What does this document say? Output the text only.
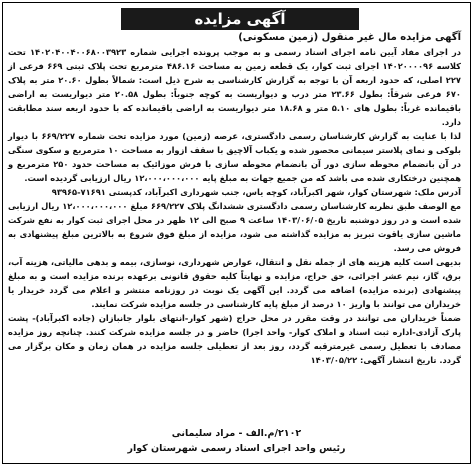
آگهی مزایده

آگهی مزایده مال غیر منقول (زمین مسکونی)

در اجرای مفاد آیین نامه اجرای اسناد رسمی و به موجب پرونده اجرایی شماره ۱۴۰۲۰۴۰۰۴۰۰۶۸۰۰۳۹۲۳ تحت کلاسه ۱۴۰۲۰۰۰۰۹۶ اجرای ثبت کوار، یک قطعه زمین به مساحت ۴۸۶.۱۶ مترمربع تحت پلاک ثبتی ۶۶۹ فرعی از ۲۲۷ اصلی، که حدود اربعه آن با توجه به گزارش کارشناسی به شرح ذیل است: شمالاً بطول ۲۰.۶۰ متر به پلاک ۶۷۰ فرعی شرقاً: بطول ۲۳.۶۶ متر درب و دیواریست به کوچه جنوباً: بطول ۲۰.۵۸ متر دیواریست به اراضی باقیمانده غرباً: بطول های ۵.۱۰ متر و ۱۸.۶۸ متر دیواریست به اراضی باقیمانده که با حدود اربعه سند مطابقت دارد.

لذا با عنایت به گزارش کارشناسان رسمی دادگستری، عرصه (زمین) مورد مزایده تحت شماره ۶۶۹/۲۲۷ با دیوار بلوکی و نمای پلاستر سیمانی محصور شده و یکباب آلاچیق با سقف ازوار به مساحت ۱۰ مترمربع و سکوی سنگی در آن بانضمام محوطه سازی دور آن بانضمام محوطه سازی با فرش موزائیک به مساحت حدود ۲۵۰ مترمربع و همچنین درختکاری شده می باشد که من جمیع جهات به مبلغ پایه ۱۲،۰۰۰،۰۰۰،۰۰۰ ریال ارزیابی گردیده است.

آدرس ملک: شهرستان کوار، شهر اکبرآباد، کوچه یاس، جنب شهرداری اکبرآباد، کدپستی ۷۱۶۹۱-۹۳۹۶۵

مع الوصف طبق نظریه کارشناسان رسمی دادگستری ششدانگ پلاک ۶۶۹/۲۲۷ مبلغ ۱۲،۰۰۰،۰۰۰،۰۰۰ ریال ارزیابی شده است و در روز دوشنبه تاریخ ۱۴۰۳/۰۶/۰۵ ساعت ۹ صبح الی ۱۲ ظهر در محل اجرای ثبت کوار به نفع شرکت ماشین سازی یاقوت تبریز به مزایده گذاشته می شود، مزایده از مبلغ فوق شروع به بالاترین مبلغ پیشنهادی به فروش می رسد.

بدیهی است کلیه هزینه های از جمله نقل و انتقال، عوارض شهرداری، نوسازی، بیمه و بدهی مالیاتی، هزینه آب، برق، گاز، نیم عشر اجرائی، حق حراج، مزایده و نهایتاً کلیه حقوق قانونی برعهده برنده مزایده است و به مبلغ پیشنهادی (برنده مزایده) اضافه می گردد. این آگهی یک نوبت در روزنامه منتشر و اعلام می گردد خریدار یا خریداران می توانند با واریز ۱۰ درصد از مبلغ پایه کارشناسی در جلسه مزایده شرکت نمایند.

ضمناً خریداران می توانند در وقت مقرر در محل حراج (شهر کوار-انتهای بلوار جانبازان (جاده اکبرآباد)- پشت پارک آزادی-اداره ثبت اسناد و املاک کوار- واحد اجرا) حاضر و در جلسه مزایده شرکت کنند. چنانچه روز مزایده مصادف با تعطیل رسمی غیرمترقبه گردد، روز بعد از تعطیلی جلسه مزایده در همان زمان و مکان برگزار می گردد. تاریخ انتشار آگهی: ۱۴۰۳/۰۵/۲۲

۲۱۰۲/م.الف - مراد سلیمانی
رئیس واحد اجرای اسناد رسمی شهرستان کوار
